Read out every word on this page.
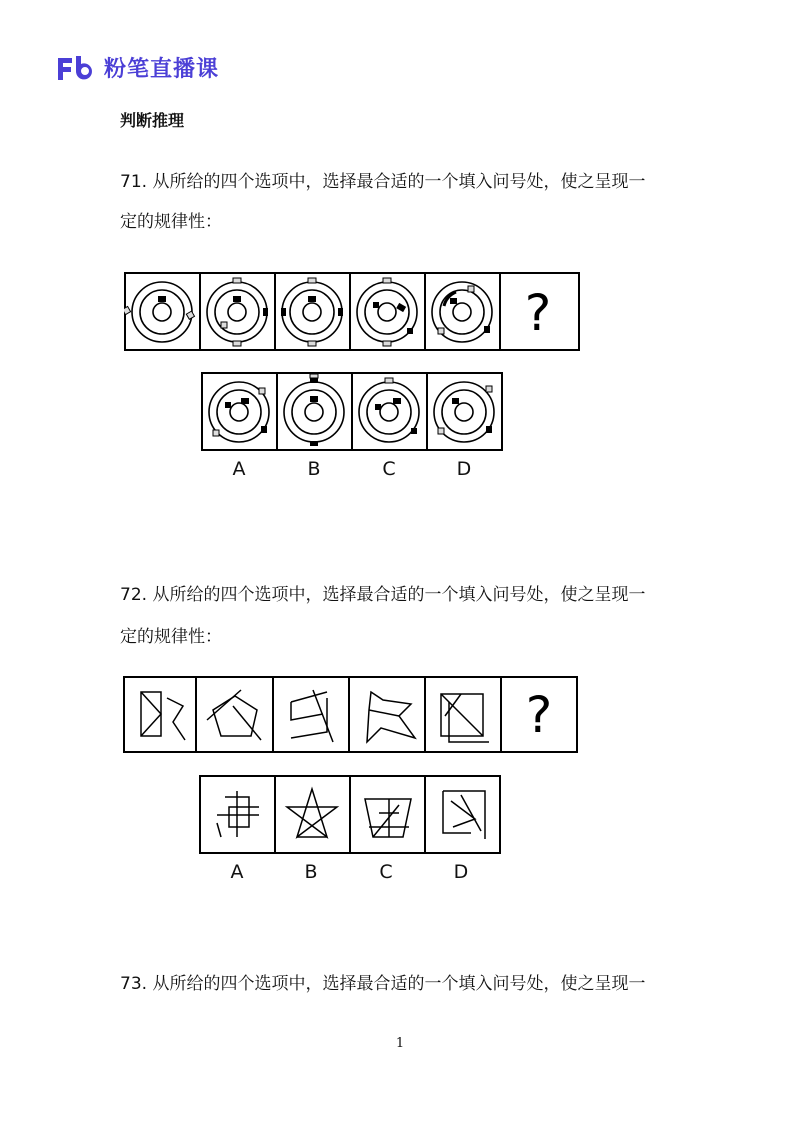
粉笔直播课
判断推理
71. 从所给的四个选项中，选择最合适的一个填入问号处，使之呈现一
定的规律性：
?
A	B	C	D
72. 从所给的四个选项中，选择最合适的一个填入问号处，使之呈现一
定的规律性：
?
A	B	C	D
73. 从所给的四个选项中，选择最合适的一个填入问号处，使之呈现一
1
